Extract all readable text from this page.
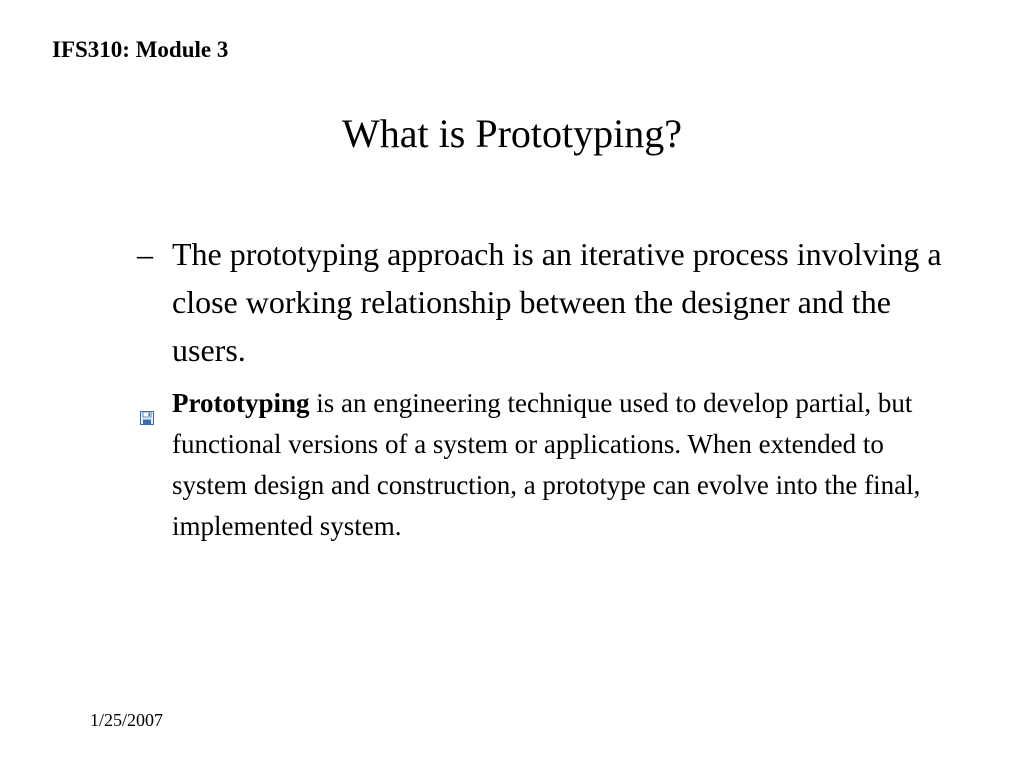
IFS310: Module 3
What is Prototyping?
– The prototyping approach is an iterative process involving a close working relationship between the designer and the users.
Prototyping is an engineering technique used to develop partial, but functional versions of a system or applications. When extended to system design and construction, a prototype can evolve into the final, implemented system.
1/25/2007
